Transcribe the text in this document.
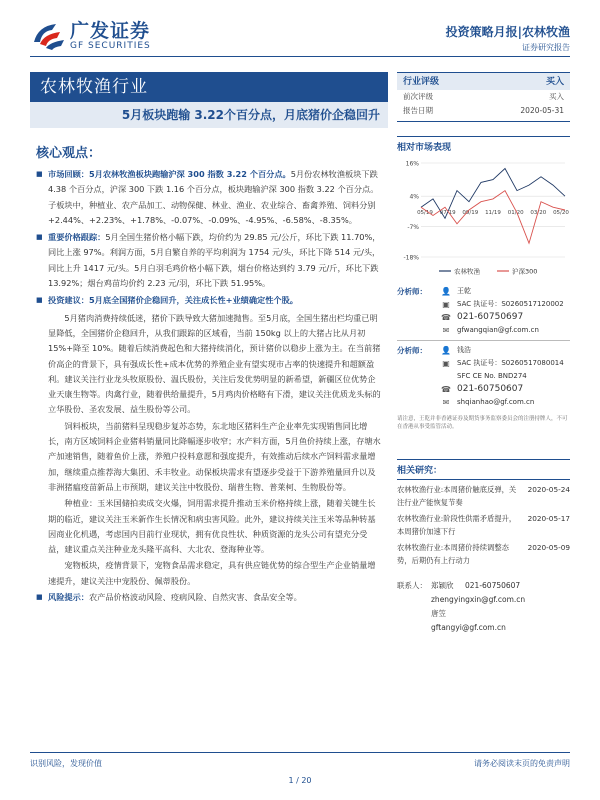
广发证券
GF SECURITIES
投资策略月报|农林牧渔
证券研究报告
农林牧渔行业
5月板块跑输 3.22个百分点，月底猪价企稳回升
核心观点：
■ 市场回顾：5月农林牧渔板块跑输沪深 300 指数 3.22 个百分点。5月份农林牧渔板块下跌 4.38 个百分点，沪深 300 下跌 1.16 个百分点，板块跑输沪深 300 指数 3.22 个百分点。子板块中，种植业、农产品加工、动物保健、林业、渔业、农业综合、畜禽养殖、饲料分别+2.44%、+2.23%、+1.78%、-0.07%、-0.09%、-4.95%、-6.58%、-8.35%。
■ 重要价格跟踪：5月全国生猪价格小幅下跌，均价约为 29.85 元/公斤，环比下跌 11.70%，同比上涨 97%。利润方面，5月自繁自养的平均利润为 1754 元/头，环比下降 514 元/头，同比上升 1417 元/头。5月白羽毛鸡价格小幅下跌，烟台价格达到约 3.79 元/斤，环比下跌 13.92%；烟台鸡苗均价约 2.23 元/羽，环比下跌 51.95%。
■ 投资建议：5月底全国猪价企稳回升，关注成长性+业绩确定性个股。
5月猪肉消费持续低迷，猪价下跌导致大猪加速抛售。至5月底，全国生猪出栏均重已明显降低，全国猪价企稳回升，从我们跟踪的区域看，当前 150kg 以上的大猪占比从月初 15%+降至 10%。随着后续消费起色和大猪持续消化，预计猪价以稳步上涨为主。在当前猪价高企的背景下，具有强成长性+成本优势的养殖企业有望实现市占率的快速提升和超额盈利。建议关注行业龙头牧原股份、温氏股份，关注后发优势明显的新希望，新疆区位优势企业天康生物等。肉禽行业，随着供给量提升，5月鸡肉价格略有下滑，建议关注优质龙头标的立华股份、圣农发展、益生股份等公司。
饲料板块，当前猪料呈现稳步复苏态势，东北地区猪料生产企业率先实现销售同比增长，南方区域饲料企业猪料销量同比降幅逐步收窄；水产料方面，5月鱼价持续上涨，存塘水产加速销售，随着鱼价上涨，养殖户投料意愿和强度提升，有效推动后续水产饲料需求量增加，继续重点推荐海大集团、禾丰牧业。动保板块需求有望逐步受益于下游养殖量回升以及非洲猪瘟疫苗新品上市预期，建议关注中牧股份、瑞普生物、普莱柯、生物股份等。
种植业：玉米国储拍卖成交火爆，饲用需求提升推动玉米价格持续上涨，随着关键生长期的临近，建议关注玉米新作生长情况和病虫害风险。此外，建议持续关注玉米等品种转基因商业化机遇，考虑国内目前行业现状，拥有优良性状、种质资源的龙头公司有望充分受益，建议重点关注种业龙头隆平高科、大北农、登海种业等。
宠物板块，疫情背景下，宠物食品需求稳定，具有供应链优势的综合型生产企业销量增速提升，建议关注中宠股份、佩蒂股份。
■ 风险提示：农产品价格波动风险、疫病风险、自然灾害、食品安全等。
行业评级	买入
前次评级	买入
报告日期	2020-05-31
相对市场表现
16%
4%
-7%
-18%
05/19 07/19 09/19 11/19 01/20 03/20 05/20
农林牧渔	沪深300
分析师：	👤 王乾
▣	SAC 执证号：S0260517120002
☎ 021-60750697
✉	gfwangqian@gf.com.cn
分析师：	👤 钱浩
▣	SAC 执证号：S0260517080014
SFC CE No. BND274
☎ 021-60750607
✉	shqianhao@gf.com.cn
请注意，王乾并非香港证券及期货事务监察委员会的注册持牌人，不可在香港从事受监管活动。
相关研究：
农林牧渔行业:本周猪价触底反弹，关注行业产能恢复节奏
2020-05-24
农林牧渔行业:阶段性供需矛盾提升，本周猪价加速下行
2020-05-17
农林牧渔行业:本周猪价持续调整态势，后期仍有上行动力
2020-05-09
联系人： 郑颖欣	021-60750607
zhengyingxin@gf.com.cn
唐笠
gftangyi@gf.com.cn
识别风险，发现价值	请务必阅读末页的免责声明
1 / 20
